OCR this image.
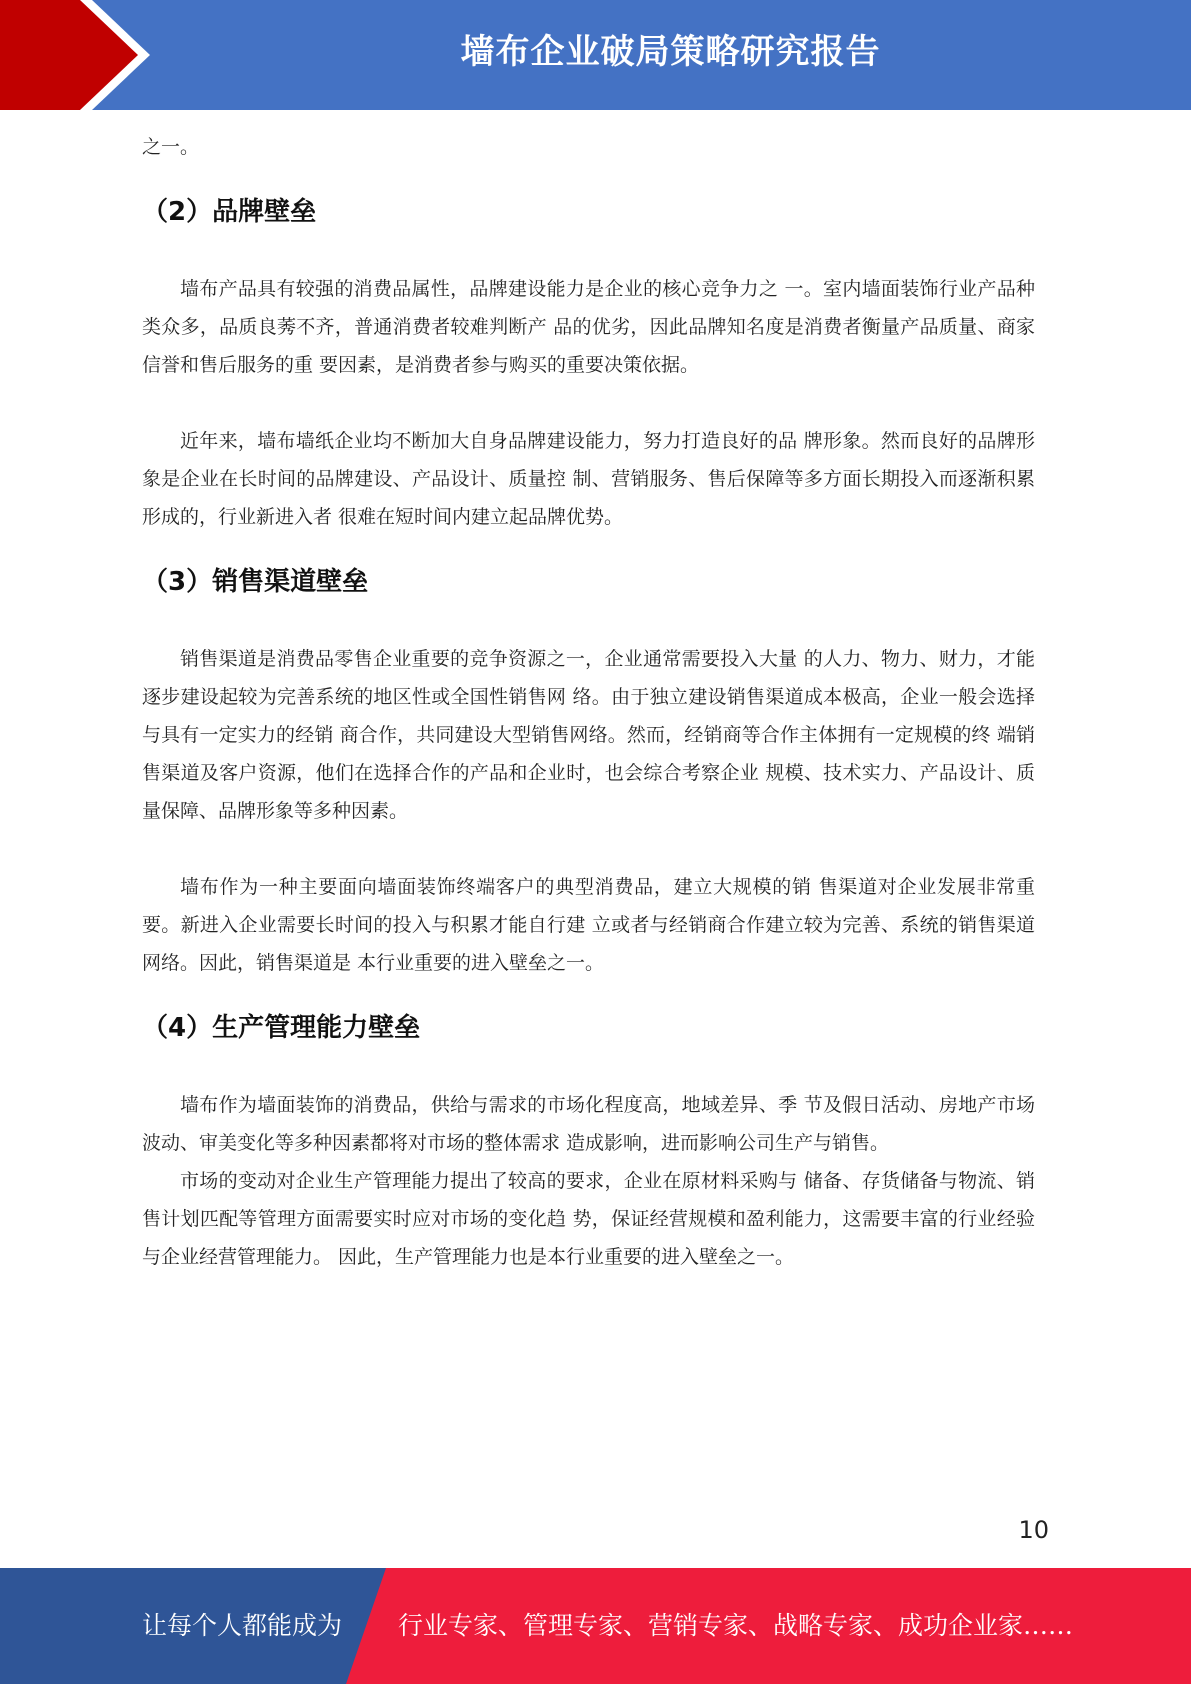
墙布企业破局策略研究报告

之一。

（2）品牌壁垒

墙布产品具有较强的消费品属性，品牌建设能力是企业的核心竞争力之 一。室内墙面装饰行业产品种类众多，品质良莠不齐，普通消费者较难判断产 品的优劣，因此品牌知名度是消费者衡量产品质量、商家信誉和售后服务的重 要因素，是消费者参与购买的重要决策依据。

近年来，墙布墙纸企业均不断加大自身品牌建设能力，努力打造良好的品 牌形象。然而良好的品牌形象是企业在长时间的品牌建设、产品设计、质量控 制、营销服务、售后保障等多方面长期投入而逐渐积累形成的，行业新进入者 很难在短时间内建立起品牌优势。

（3）销售渠道壁垒

销售渠道是消费品零售企业重要的竞争资源之一，企业通常需要投入大量 的人力、物力、财力，才能逐步建设起较为完善系统的地区性或全国性销售网 络。由于独立建设销售渠道成本极高，企业一般会选择与具有一定实力的经销 商合作，共同建设大型销售网络。然而，经销商等合作主体拥有一定规模的终 端销售渠道及客户资源，他们在选择合作的产品和企业时，也会综合考察企业 规模、技术实力、产品设计、质量保障、品牌形象等多种因素。

墙布作为一种主要面向墙面装饰终端客户的典型消费品，建立大规模的销 售渠道对企业发展非常重要。新进入企业需要长时间的投入与积累才能自行建 立或者与经销商合作建立较为完善、系统的销售渠道网络。因此，销售渠道是 本行业重要的进入壁垒之一。

（4）生产管理能力壁垒

墙布作为墙面装饰的消费品，供给与需求的市场化程度高，地域差异、季 节及假日活动、房地产市场波动、审美变化等多种因素都将对市场的整体需求 造成影响，进而影响公司生产与销售。

市场的变动对企业生产管理能力提出了较高的要求，企业在原材料采购与 储备、存货储备与物流、销售计划匹配等管理方面需要实时应对市场的变化趋 势，保证经营规模和盈利能力，这需要丰富的行业经验与企业经营管理能力。 因此，生产管理能力也是本行业重要的进入壁垒之一。

10
让每个人都能成为 行业专家、管理专家、营销专家、战略专家、成功企业家……
